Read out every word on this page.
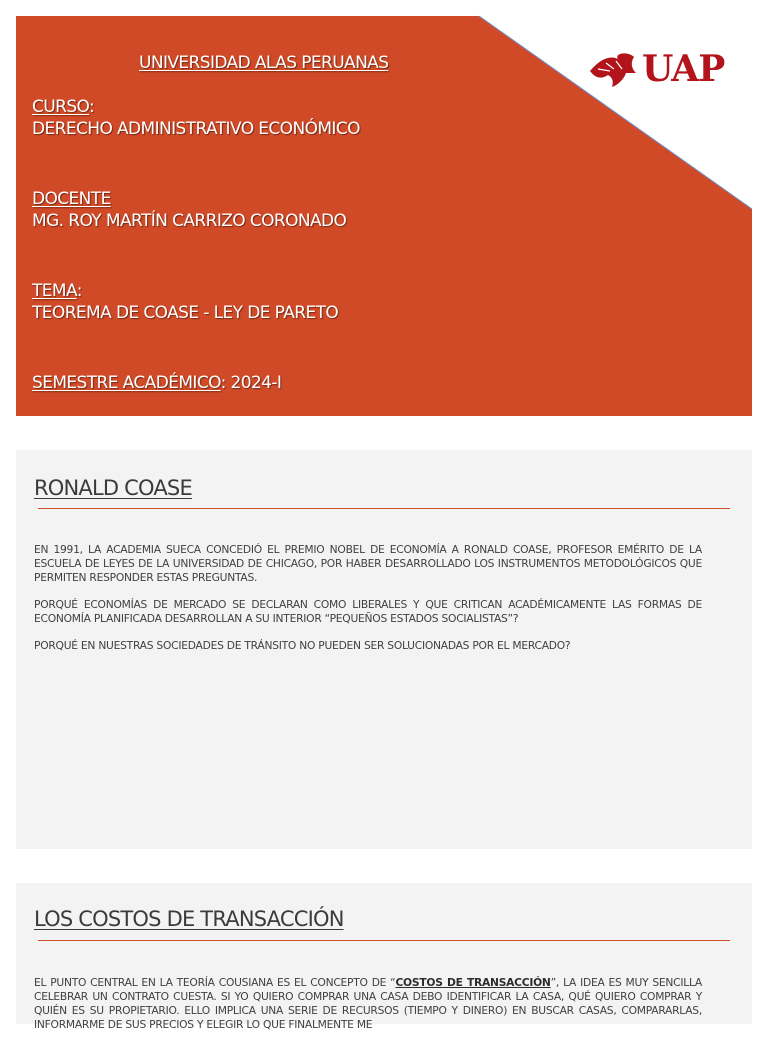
UAP
UNIVERSIDAD ALAS PERUANAS
CURSO:
DERECHO ADMINISTRATIVO ECONÓMICO
DOCENTE
MG. ROY MARTÍN CARRIZO CORONADO
TEMA:
TEOREMA DE COASE - LEY DE PARETO
SEMESTRE ACADÉMICO: 2024-I
RONALD COASE

EN 1991, LA ACADEMIA SUECA CONCEDIÓ EL PREMIO NOBEL DE ECONOMÍA A RONALD COASE, PROFESOR EMÉRITO DE LA ESCUELA DE LEYES DE LA UNIVERSIDAD DE CHICAGO, POR HABER DESARROLLADO LOS INSTRUMENTOS METODOLÓGICOS QUE PERMITEN RESPONDER ESTAS PREGUNTAS.

PORQUÉ ECONOMÍAS DE MERCADO SE DECLARAN COMO LIBERALES Y QUE CRITICAN ACADÉMICAMENTE LAS FORMAS DE ECONOMÍA PLANIFICADA DESARROLLAN A SU INTERIOR “PEQUEÑOS ESTADOS SOCIALISTAS”?

PORQUÉ EN NUESTRAS SOCIEDADES DE TRÁNSITO NO PUEDEN SER SOLUCIONADAS POR EL MERCADO?

LOS COSTOS DE TRANSACCIÓN

EL PUNTO CENTRAL EN LA TEORÍA COUSIANA ES EL CONCEPTO DE “COSTOS DE TRANSACCIÓN”, LA IDEA ES MUY SENCILLA CELEBRAR UN CONTRATO CUESTA. SI YO QUIERO COMPRAR UNA CASA DEBO IDENTIFICAR LA CASA, QUÉ QUIERO COMPRAR Y QUIÉN ES SU PROPIETARIO. ELLO IMPLICA UNA SERIE DE RECURSOS (TIEMPO Y DINERO) EN BUSCAR CASAS, COMPARARLAS, INFORMARME DE SUS PRECIOS Y ELEGIR LO QUE FINALMENTE ME
